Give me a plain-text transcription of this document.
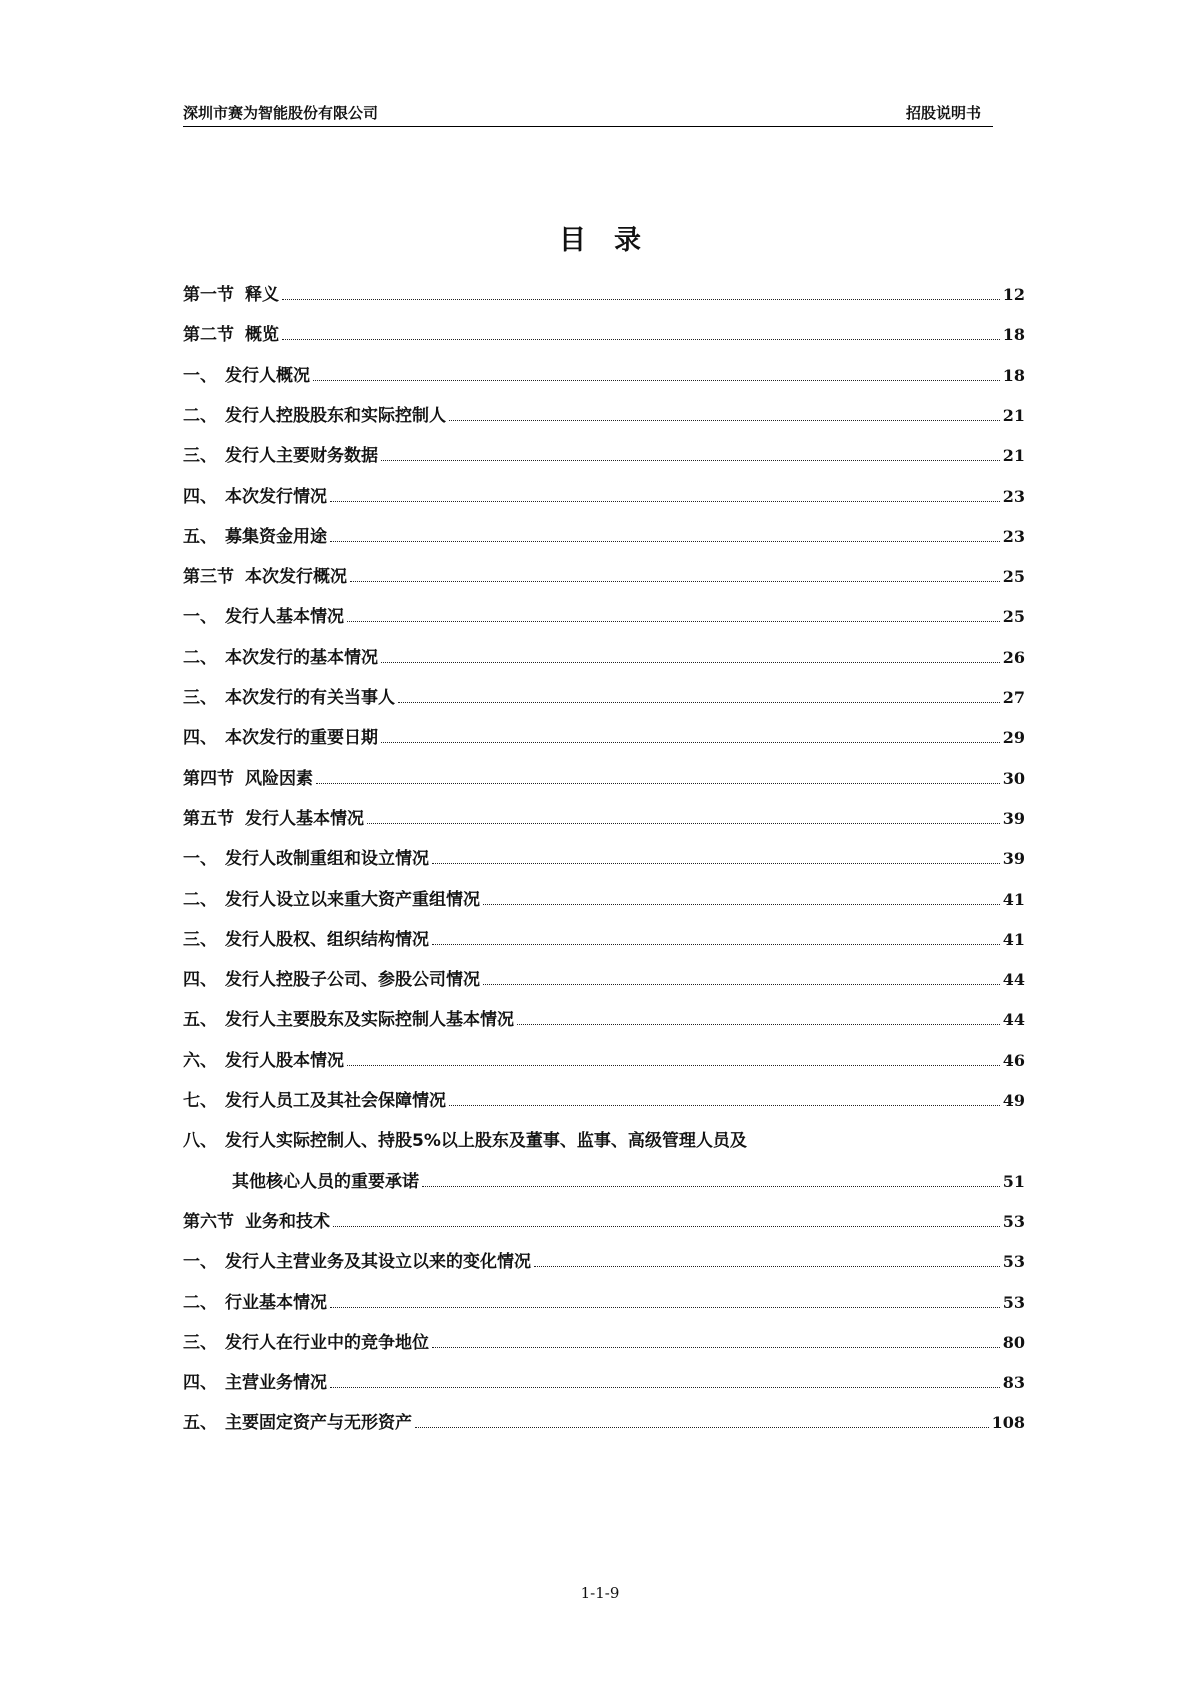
深圳市赛为智能股份有限公司	招股说明书
目录
第一节 释义	12
第二节 概览	18
一、 发行人概况	18
二、 发行人控股股东和实际控制人	21
三、 发行人主要财务数据	21
四、 本次发行情况	23
五、 募集资金用途	23
第三节 本次发行概况	25
一、 发行人基本情况	25
二、 本次发行的基本情况	26
三、 本次发行的有关当事人	27
四、 本次发行的重要日期	29
第四节 风险因素	30
第五节 发行人基本情况	39
一、 发行人改制重组和设立情况	39
二、 发行人设立以来重大资产重组情况	41
三、 发行人股权、组织结构情况	41
四、 发行人控股子公司、参股公司情况	44
五、 发行人主要股东及实际控制人基本情况	44
六、 发行人股本情况	46
七、 发行人员工及其社会保障情况	49
八、 发行人实际控制人、持股5%以上股东及董事、监事、高级管理人员及
其他核心人员的重要承诺	51
第六节 业务和技术	53
一、 发行人主营业务及其设立以来的变化情况	53
二、 行业基本情况	53
三、 发行人在行业中的竞争地位	80
四、 主营业务情况	83
五、 主要固定资产与无形资产	108
1-1-9
